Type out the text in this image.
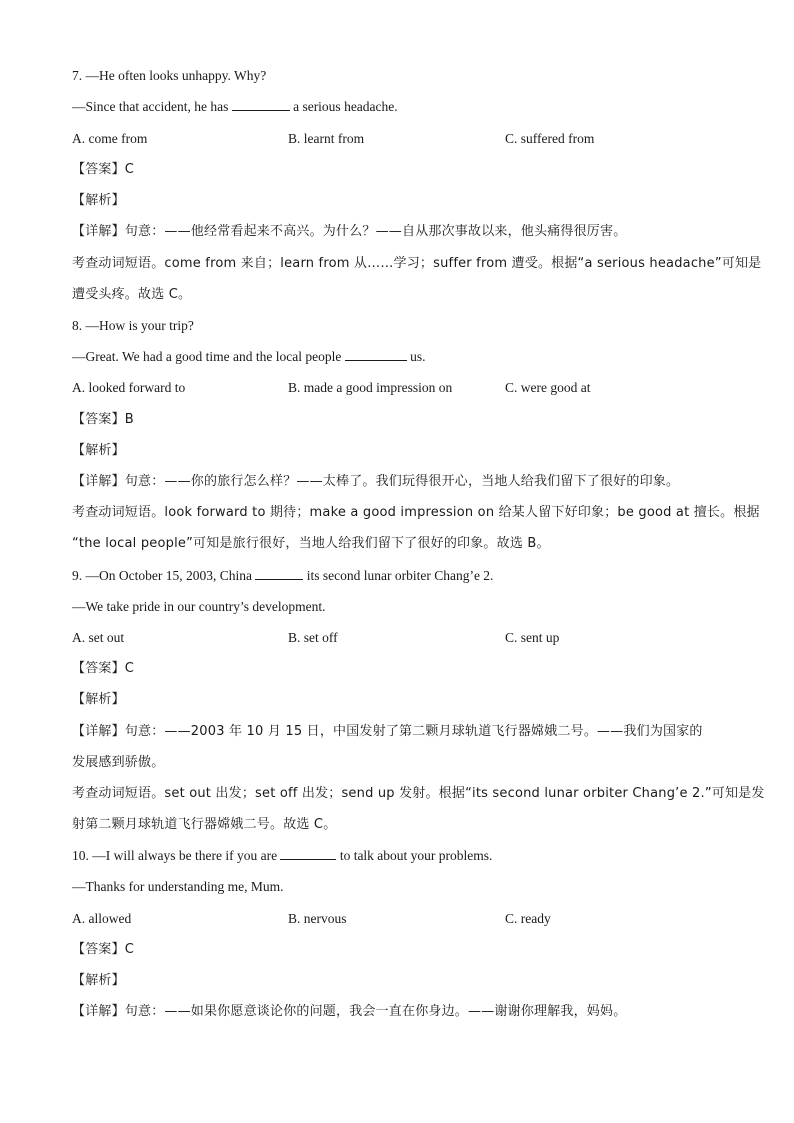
7. —He often looks unhappy. Why?
—Since that accident, he has	a serious headache.
A. come from	B. learnt from	C. suffered from
【答案】C
【解析】
【详解】句意：——他经常看起来不高兴。为什么？——自从那次事故以来，他头痛得很厉害。
考查动词短语。come from 来自；learn from 从……学习；suffer from 遭受。根据“a serious headache”可知是
遭受头疼。故选 C。
8. —How is your trip?
—Great. We had a good time and the local people	us.
A. looked forward to	B. made a good impression on	C. were good at
【答案】B
【解析】
【详解】句意：——你的旅行怎么样？——太棒了。我们玩得很开心，当地人给我们留下了很好的印象。
考查动词短语。look forward to 期待；make a good impression on 给某人留下好印象；be good at 擅长。根据
“the local people”可知是旅行很好，当地人给我们留下了很好的印象。故选 B。
9. —On October 15, 2003, China	its second lunar orbiter Chang’e 2.
—We take pride in our country’s development.
A. set out	B. set off	C. sent up
【答案】C
【解析】
【详解】句意：——2003 年 10 月 15 日，中国发射了第二颗月球轨道飞行器嫦娥二号。——我们为国家的
发展感到骄傲。
考查动词短语。set out 出发；set off 出发；send up 发射。根据“its second lunar orbiter Chang’e 2.”可知是发
射第二颗月球轨道飞行器嫦娥二号。故选 C。
10. —I will always be there if you are	to talk about your problems.
—Thanks for understanding me, Mum.
A. allowed	B. nervous	C. ready
【答案】C
【解析】
【详解】句意：——如果你愿意谈论你的问题，我会一直在你身边。——谢谢你理解我，妈妈。
